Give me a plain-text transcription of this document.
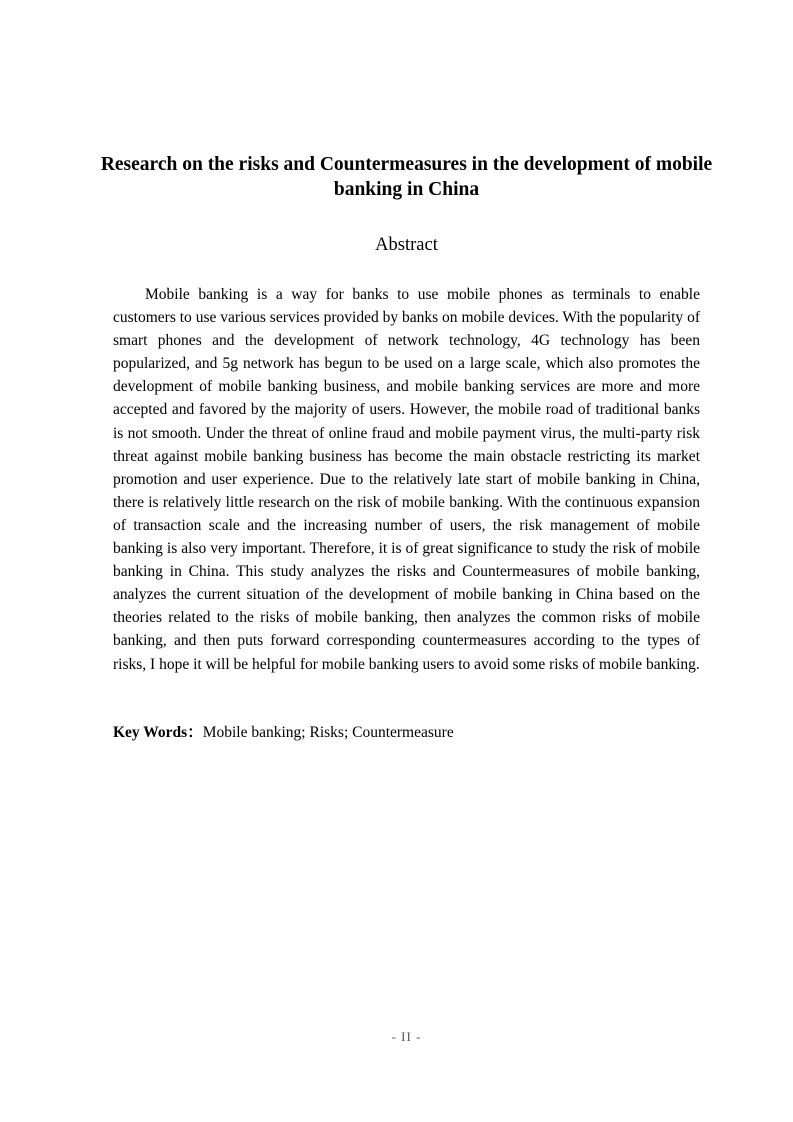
Research on the risks and Countermeasures in the development of mobile banking in China
Abstract

Mobile banking is a way for banks to use mobile phones as terminals to enable customers to use various services provided by banks on mobile devices. With the popularity of smart phones and the development of network technology, 4G technology has been popularized, and 5g network has begun to be used on a large scale, which also promotes the development of mobile banking business, and mobile banking services are more and more accepted and favored by the majority of users. However, the mobile road of traditional banks is not smooth. Under the threat of online fraud and mobile payment virus, the multi-party risk threat against mobile banking business has become the main obstacle restricting its market promotion and user experience. Due to the relatively late start of mobile banking in China, there is relatively little research on the risk of mobile banking. With the continuous expansion of transaction scale and the increasing number of users, the risk management of mobile banking is also very important. Therefore, it is of great significance to study the risk of mobile banking in China. This study analyzes the risks and Countermeasures of mobile banking, analyzes the current situation of the development of mobile banking in China based on the theories related to the risks of mobile banking, then analyzes the common risks of mobile banking, and then puts forward corresponding countermeasures according to the types of risks, I hope it will be helpful for mobile banking users to avoid some risks of mobile banking.

Key Words：Mobile banking; Risks; Countermeasure

- II -
